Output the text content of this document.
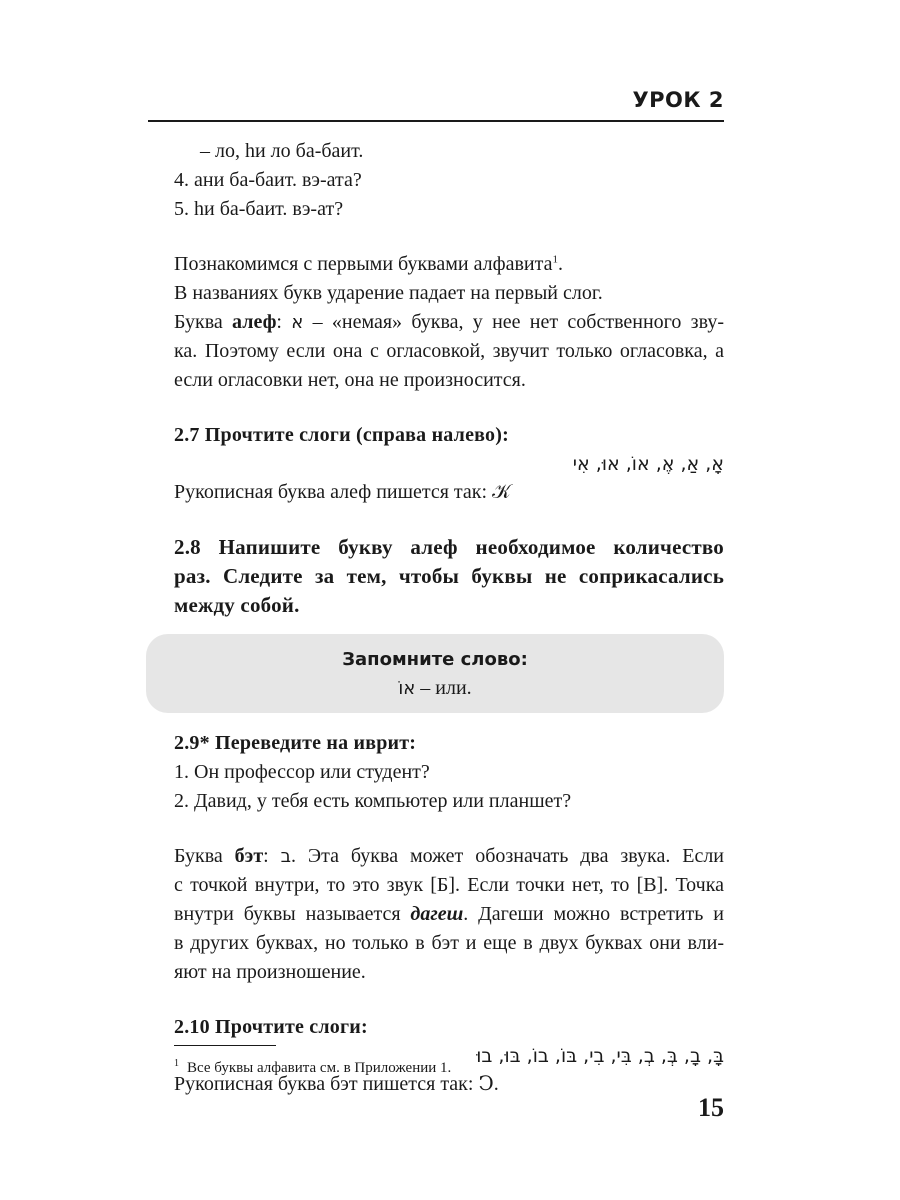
УРОК 2
– ло, hи ло ба-баит.
4. ани ба-баит. вэ-ата?
5. hи ба-баит. вэ-ат?
Познакомимся с первыми буквами алфавита$^1$.
В названиях букв ударение падает на первый слог.
Буква алеф: א – «немая» буква, у нее нет собственного зву-
ка. Поэтому если она с огласовкой, звучит только огласовка, а
если огласовки нет, она не произносится.
2.7 Прочтите слоги (справа налево):
אָ, אַ, אֶ, אוֹ, אוּ, אִי
Рукописная буква алеф пишется так: 𝒦
2.8 Напишите букву алеф необходимое количество
раз. Следите за тем, чтобы буквы не соприкасались
между собой.
Запомните слово:
אוֹ – или.
2.9* Переведите на иврит:
1. Он профессор или студент?
2. Давид, у тебя есть компьютер или планшет?
Буква бэт: ב. Эта буква может обозначать два звука. Если
с точкой внутри, то это звук [Б]. Если точки нет, то [В]. Точка
внутри буквы называется дагеш. Дагеши можно встретить и
в других буквах, но только в бэт и еще в двух буквах они вли-
яют на произношение.
2.10 Прочтите слоги:
בָּ, בָ, בְּ, בְ, בִּי, בִי, בּוֹ, בוֹ, בּוּ, בוּ
Рукописная буква бэт пишется так: Ↄ.
$^1$ Все буквы алфавита см. в Приложении 1.
15
